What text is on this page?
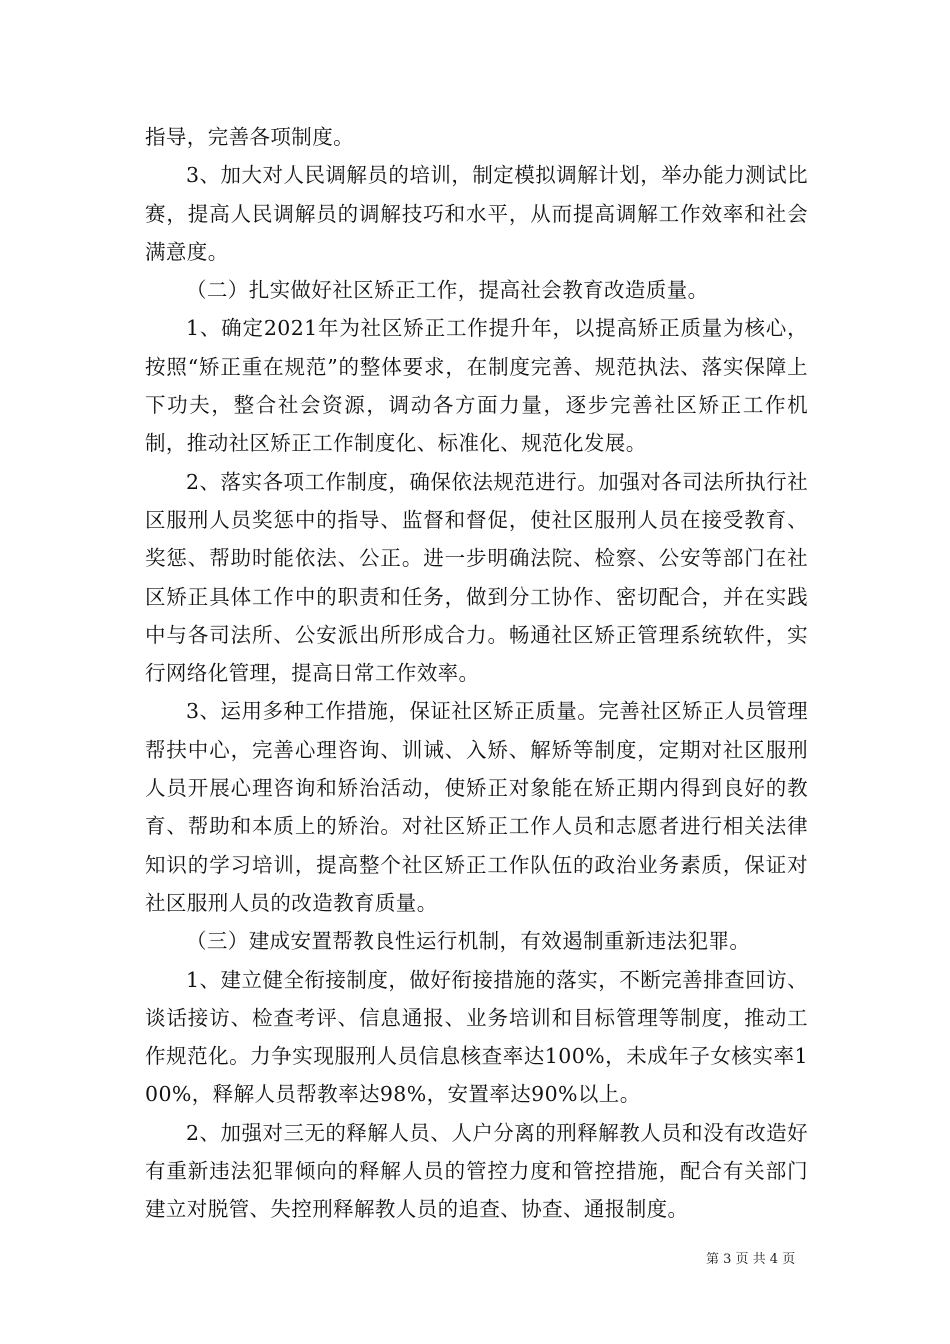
指导，完善各项制度。

3、加大对人民调解员的培训，制定模拟调解计划，举办能力测试比赛，提高人民调解员的调解技巧和水平，从而提高调解工作效率和社会满意度。

（二）扎实做好社区矫正工作，提高社会教育改造质量。

1、确定2021年为社区矫正工作提升年，以提高矫正质量为核心，按照“矫正重在规范”的整体要求，在制度完善、规范执法、落实保障上下功夫，整合社会资源，调动各方面力量，逐步完善社区矫正工作机制，推动社区矫正工作制度化、标准化、规范化发展。

2、落实各项工作制度，确保依法规范进行。加强对各司法所执行社区服刑人员奖惩中的指导、监督和督促，使社区服刑人员在接受教育、奖惩、帮助时能依法、公正。进一步明确法院、检察、公安等部门在社区矫正具体工作中的职责和任务，做到分工协作、密切配合，并在实践中与各司法所、公安派出所形成合力。畅通社区矫正管理系统软件，实行网络化管理，提高日常工作效率。

3、运用多种工作措施，保证社区矫正质量。完善社区矫正人员管理帮扶中心，完善心理咨询、训诫、入矫、解矫等制度，定期对社区服刑人员开展心理咨询和矫治活动，使矫正对象能在矫正期内得到良好的教育、帮助和本质上的矫治。对社区矫正工作人员和志愿者进行相关法律知识的学习培训，提高整个社区矫正工作队伍的政治业务素质，保证对社区服刑人员的改造教育质量。

（三）建成安置帮教良性运行机制，有效遏制重新违法犯罪。

1、建立健全衔接制度，做好衔接措施的落实，不断完善排查回访、谈话接访、检查考评、信息通报、业务培训和目标管理等制度，推动工作规范化。力争实现服刑人员信息核查率达100%，未成年子女核实率100%，释解人员帮教率达98%，安置率达90%以上。

2、加强对三无的释解人员、人户分离的刑释解教人员和没有改造好有重新违法犯罪倾向的释解人员的管控力度和管控措施，配合有关部门建立对脱管、失控刑释解教人员的追查、协查、通报制度。

第 3 页 共 4 页
